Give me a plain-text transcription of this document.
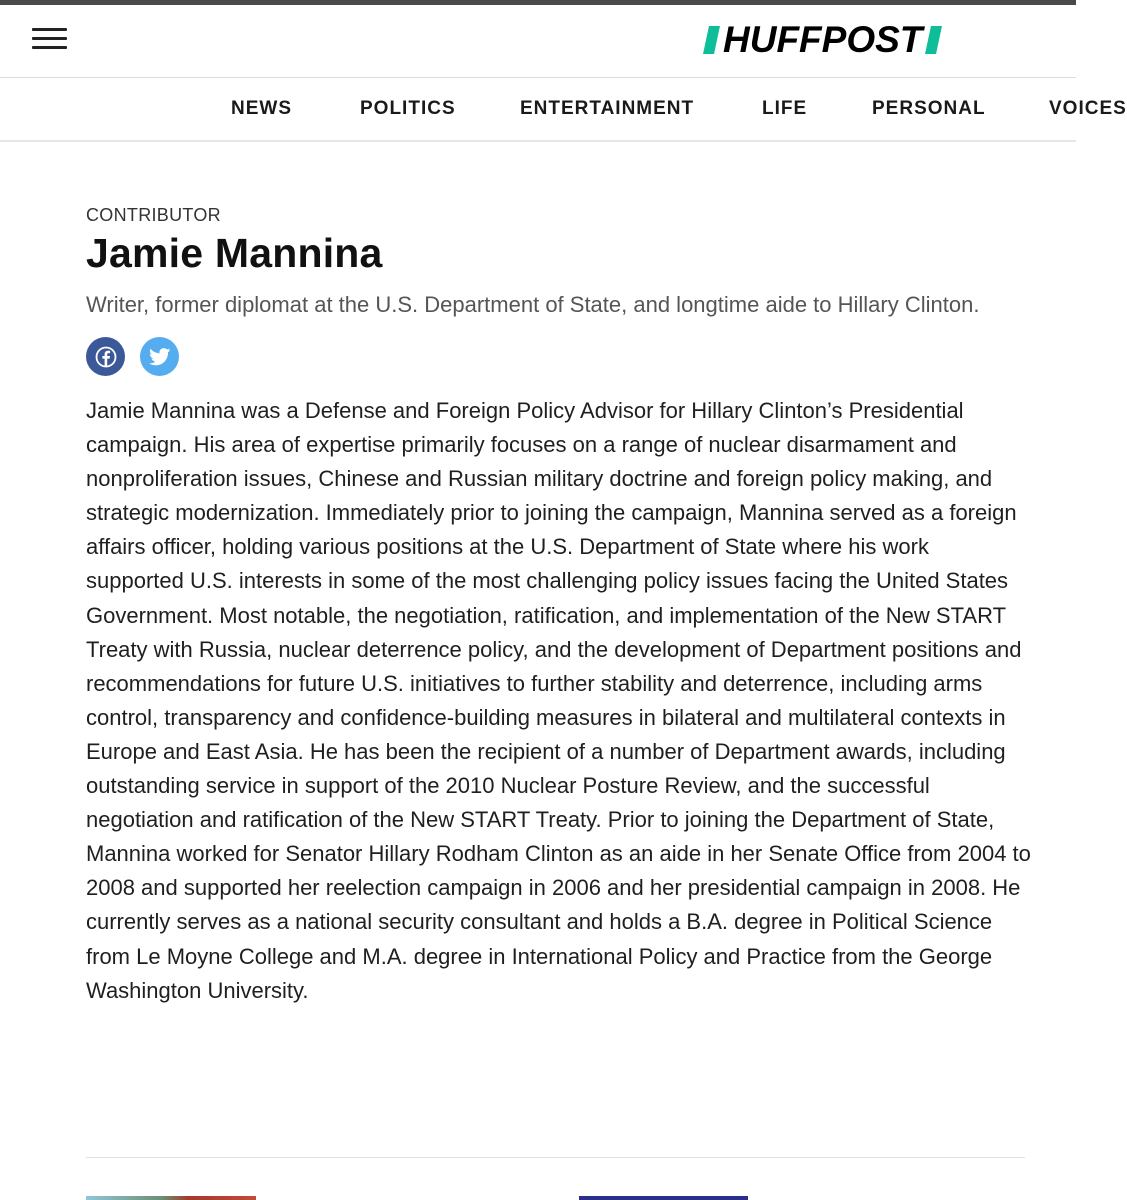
HUFFPOST
NEWS	POLITICS	ENTERTAINMENT	LIFE	PERSONAL	VOICES

CONTRIBUTOR

Jamie Mannina

Writer, former diplomat at the U.S. Department of State, and longtime aide to Hillary Clinton.

Jamie Mannina was a Defense and Foreign Policy Advisor for Hillary Clinton’s Presidential campaign. His area of expertise primarily focuses on a range of nuclear disarmament and nonproliferation issues, Chinese and Russian military doctrine and foreign policy making, and strategic modernization. Immediately prior to joining the campaign, Mannina served as a foreign affairs officer, holding various positions at the U.S. Department of State where his work supported U.S. interests in some of the most challenging policy issues facing the United States Government. Most notable, the negotiation, ratification, and implementation of the New START Treaty with Russia, nuclear deterrence policy, and the development of Department positions and recommendations for future U.S. initiatives to further stability and deterrence, including arms control, transparency and confidence-building measures in bilateral and multilateral contexts in Europe and East Asia. He has been the recipient of a number of Department awards, including outstanding service in support of the 2010 Nuclear Posture Review, and the successful negotiation and ratification of the New START Treaty. Prior to joining the Department of State, Mannina worked for Senator Hillary Rodham Clinton as an aide in her Senate Office from 2004 to 2008 and supported her reelection campaign in 2006 and her presidential campaign in 2008. He currently serves as a national security consultant and holds a B.A. degree in Political Science from Le Moyne College and M.A. degree in International Policy and Practice from the George Washington University.
